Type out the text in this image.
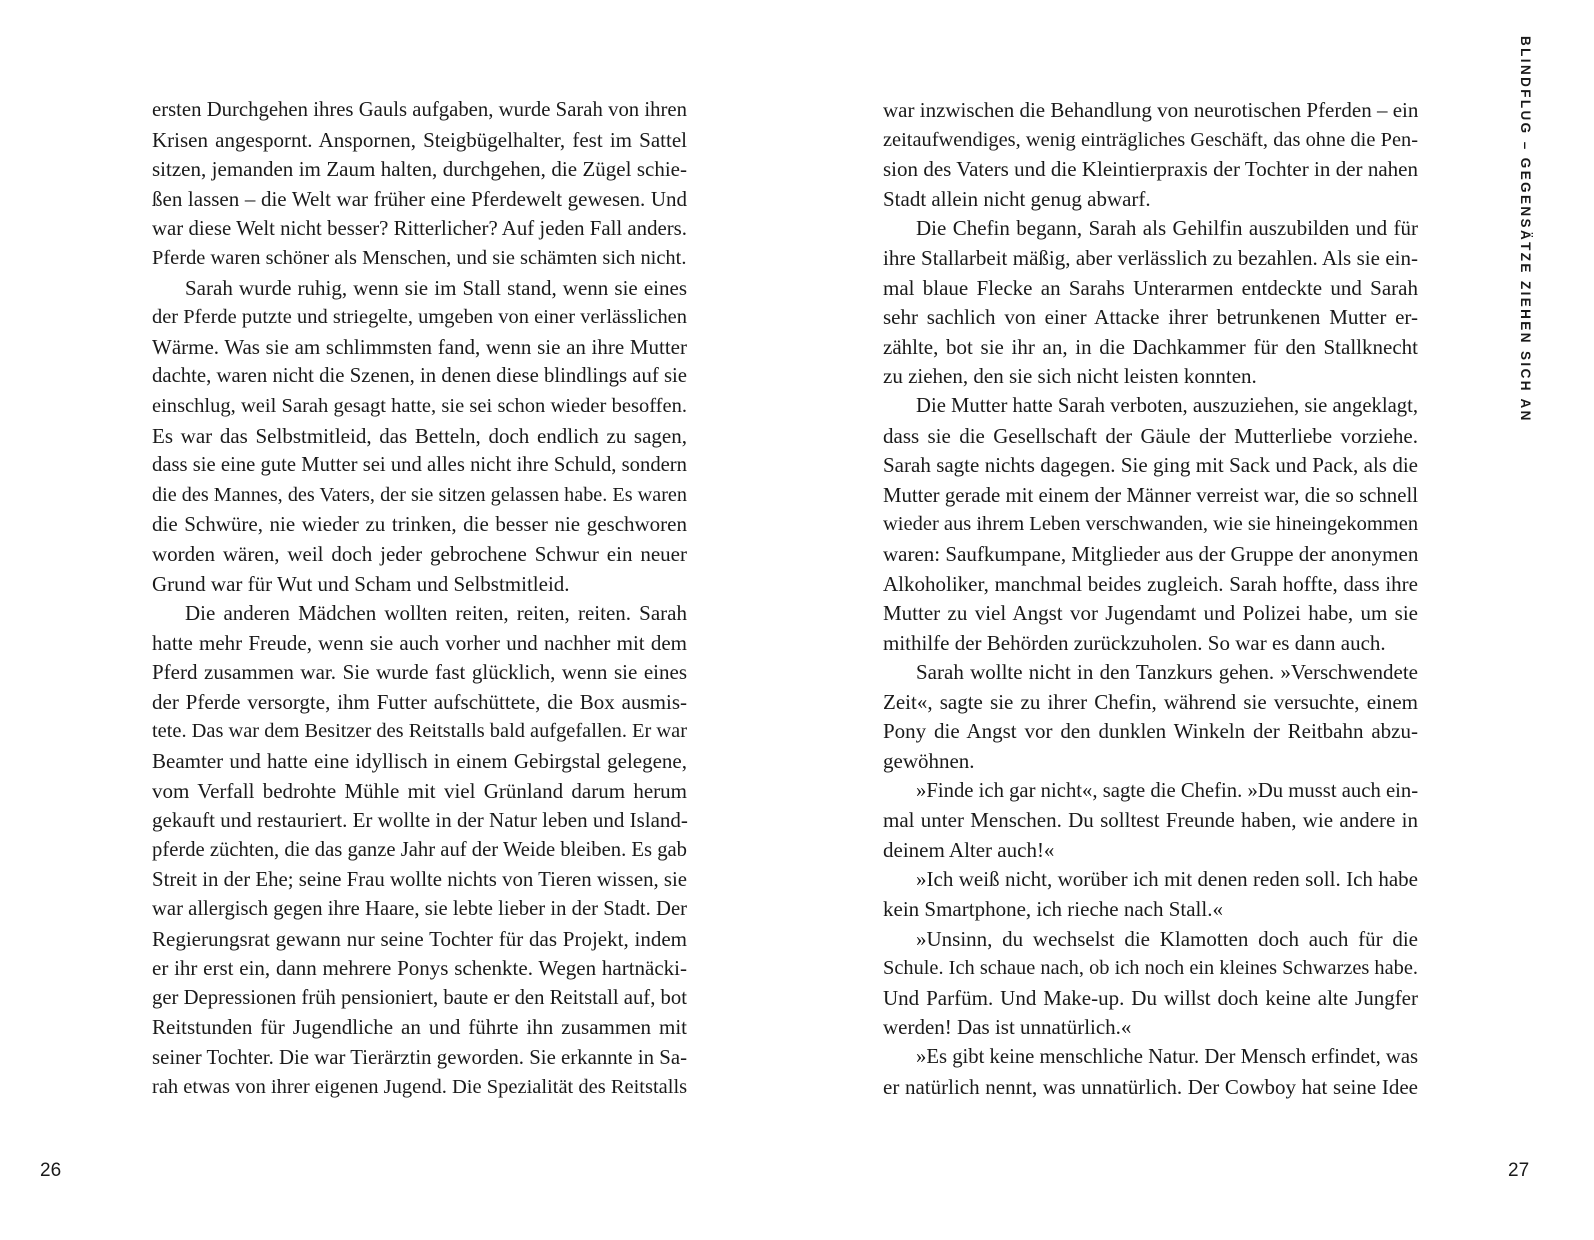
ersten Durchgehen ihres Gauls aufgaben, wurde Sarah von ihren
Krisen angespornt. Anspornen, Steigbügelhalter, fest im Sattel
sitzen, jemanden im Zaum halten, durchgehen, die Zügel schie-
ßen lassen – die Welt war früher eine Pferdewelt gewesen. Und
war diese Welt nicht besser? Ritterlicher? Auf jeden Fall anders.
Pferde waren schöner als Menschen, und sie schämten sich nicht.
Sarah wurde ruhig, wenn sie im Stall stand, wenn sie eines
der Pferde putzte und striegelte, umgeben von einer verlässlichen
Wärme. Was sie am schlimmsten fand, wenn sie an ihre Mutter
dachte, waren nicht die Szenen, in denen diese blindlings auf sie
einschlug, weil Sarah gesagt hatte, sie sei schon wieder besoffen.
Es war das Selbstmitleid, das Betteln, doch endlich zu sagen,
dass sie eine gute Mutter sei und alles nicht ihre Schuld, sondern
die des Mannes, des Vaters, der sie sitzen gelassen habe. Es waren
die Schwüre, nie wieder zu trinken, die besser nie geschworen
worden wären, weil doch jeder gebrochene Schwur ein neuer
Grund war für Wut und Scham und Selbstmitleid.
Die anderen Mädchen wollten reiten, reiten, reiten. Sarah
hatte mehr Freude, wenn sie auch vorher und nachher mit dem
Pferd zusammen war. Sie wurde fast glücklich, wenn sie eines
der Pferde versorgte, ihm Futter aufschüttete, die Box ausmis-
tete. Das war dem Besitzer des Reitstalls bald aufgefallen. Er war
Beamter und hatte eine idyllisch in einem Gebirgstal gelegene,
vom Verfall bedrohte Mühle mit viel Grünland darum herum
gekauft und restauriert. Er wollte in der Natur leben und Island-
pferde züchten, die das ganze Jahr auf der Weide bleiben. Es gab
Streit in der Ehe; seine Frau wollte nichts von Tieren wissen, sie
war allergisch gegen ihre Haare, sie lebte lieber in der Stadt. Der
Regierungsrat gewann nur seine Tochter für das Projekt, indem
er ihr erst ein, dann mehrere Ponys schenkte. Wegen hartnäcki-
ger Depressionen früh pensioniert, baute er den Reitstall auf, bot
Reitstunden für Jugendliche an und führte ihn zusammen mit
seiner Tochter. Die war Tierärztin geworden. Sie erkannte in Sa-
rah etwas von ihrer eigenen Jugend. Die Spezialität des Reitstalls
26
war inzwischen die Behandlung von neurotischen Pferden – ein
zeitaufwendiges, wenig einträgliches Geschäft, das ohne die Pen-
sion des Vaters und die Kleintierpraxis der Tochter in der nahen
Stadt allein nicht genug abwarf.
Die Chefin begann, Sarah als Gehilfin auszubilden und für
ihre Stallarbeit mäßig, aber verlässlich zu bezahlen. Als sie ein-
mal blaue Flecke an Sarahs Unterarmen entdeckte und Sarah
sehr sachlich von einer Attacke ihrer betrunkenen Mutter er-
zählte, bot sie ihr an, in die Dachkammer für den Stallknecht
zu ziehen, den sie sich nicht leisten konnten.
Die Mutter hatte Sarah verboten, auszuziehen, sie angeklagt,
dass sie die Gesellschaft der Gäule der Mutterliebe vorziehe.
Sarah sagte nichts dagegen. Sie ging mit Sack und Pack, als die
Mutter gerade mit einem der Männer verreist war, die so schnell
wieder aus ihrem Leben verschwanden, wie sie hineingekommen
waren: Saufkumpane, Mitglieder aus der Gruppe der anonymen
Alkoholiker, manchmal beides zugleich. Sarah hoffte, dass ihre
Mutter zu viel Angst vor Jugendamt und Polizei habe, um sie
mithilfe der Behörden zurückzuholen. So war es dann auch.
Sarah wollte nicht in den Tanzkurs gehen. »Verschwendete
Zeit«, sagte sie zu ihrer Chefin, während sie versuchte, einem
Pony die Angst vor den dunklen Winkeln der Reitbahn abzu-
gewöhnen.
»Finde ich gar nicht«, sagte die Chefin. »Du musst auch ein-
mal unter Menschen. Du solltest Freunde haben, wie andere in
deinem Alter auch!«
»Ich weiß nicht, worüber ich mit denen reden soll. Ich habe
kein Smartphone, ich rieche nach Stall.«
»Unsinn, du wechselst die Klamotten doch auch für die
Schule. Ich schaue nach, ob ich noch ein kleines Schwarzes habe.
Und Parfüm. Und Make-up. Du willst doch keine alte Jungfer
werden! Das ist unnatürlich.«
»Es gibt keine menschliche Natur. Der Mensch erfindet, was
er natürlich nennt, was unnatürlich. Der Cowboy hat seine Idee
BLINDFLUG – GEGENSÄTZE ZIEHEN SICH AN
27
